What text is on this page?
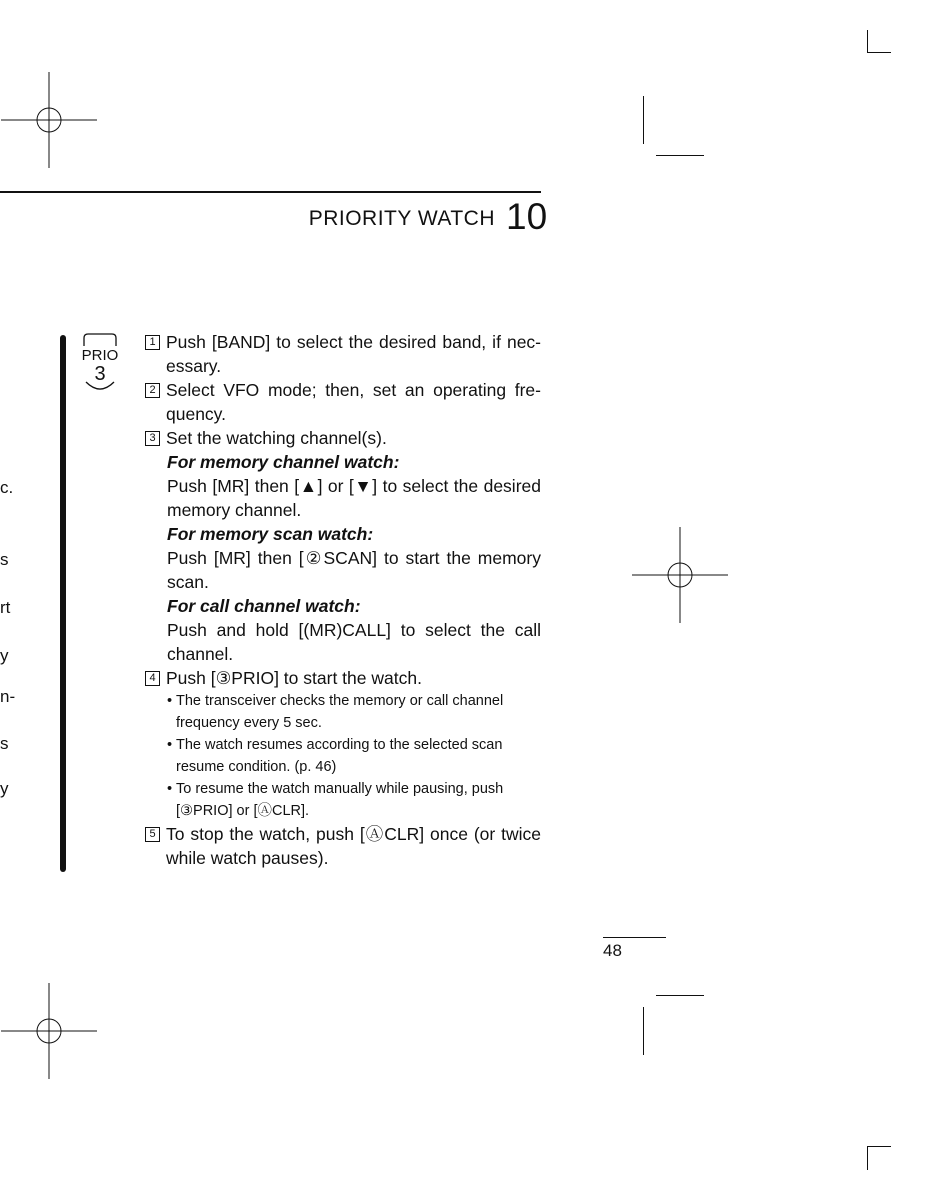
PRIORITY WATCH 10
c.
s
rt
y
n-
s
y
PRIO
3
1 Push [BAND] to select the desired band, if nec-essary.
2 Select VFO mode; then, set an operating fre-quency.
3 Set the watching channel(s).
For memory channel watch:
Push [MR] then [▲] or [▼] to select the desired memory channel.
For memory scan watch:
Push [MR] then [②SCAN] to start the memory scan.
For call channel watch:
Push and hold [(MR)CALL] to select the call channel.
4 Push [③PRIO] to start the watch.
• The transceiver checks the memory or call channel frequency every 5 sec.
• The watch resumes according to the selected scan resume condition. (p. 46)
• To resume the watch manually while pausing, push [③PRIO] or [ⒶCLR].
5 To stop the watch, push [ⒶCLR] once (or twice while watch pauses).
48
